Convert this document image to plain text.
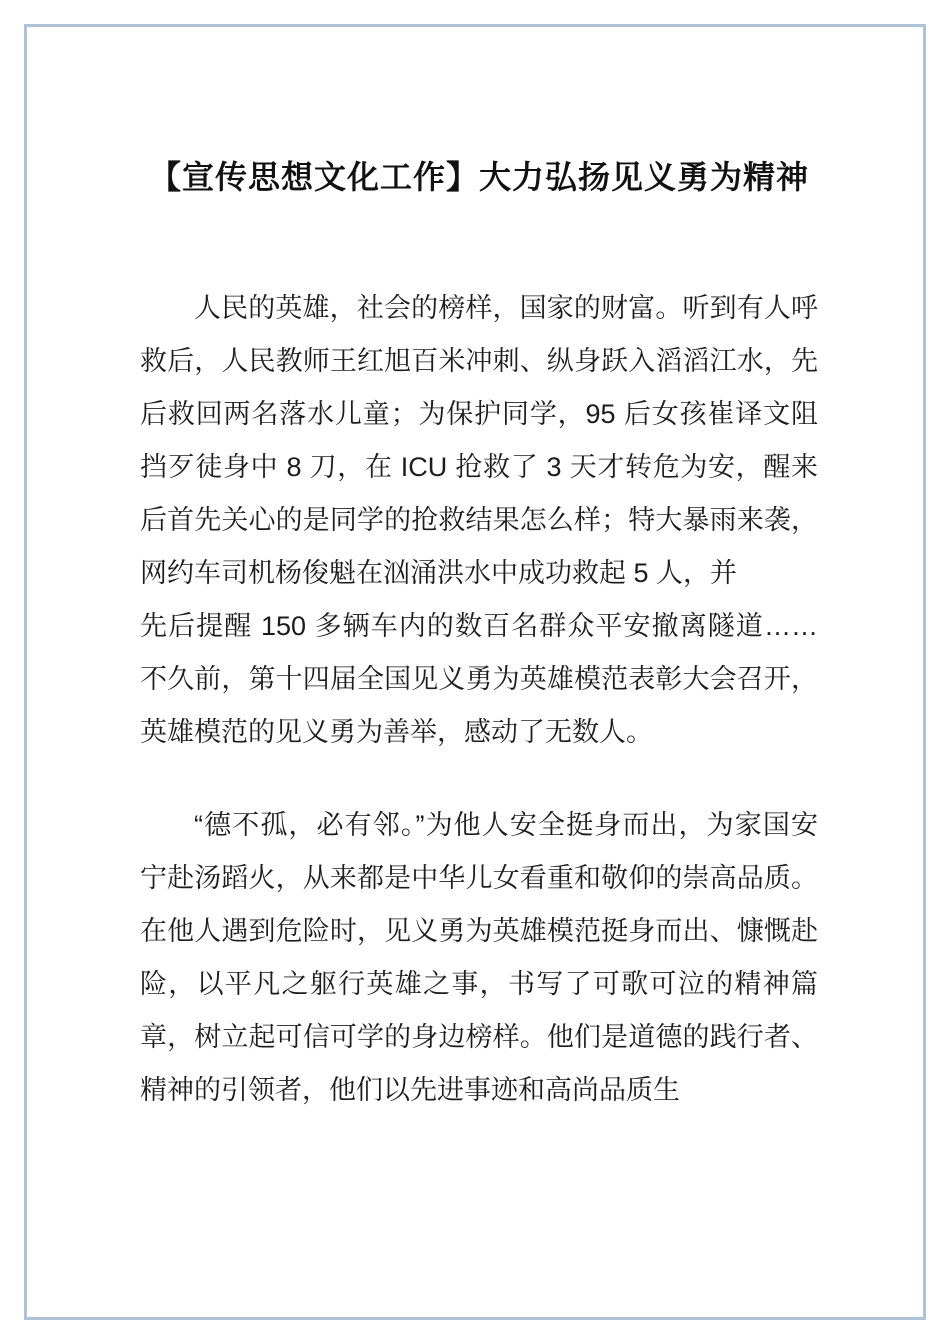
【宣传思想文化工作】大力弘扬见义勇为精神

人民的英雄，社会的榜样，国家的财富。听到有人呼救后，人民教师王红旭百米冲刺、纵身跃入滔滔江水，先后救回两名落水儿童；为保护同学，95 后女孩崔译文阻挡歹徒身中 8 刀，在 ICU 抢救了 3 天才转危为安，醒来后首先关心的是同学的抢救结果怎么样；特大暴雨来袭，网约车司机杨俊魁在汹涌洪水中成功救起 5 人，并

先后提醒 150 多辆车内的数百名群众平安撤离隧道……不久前，第十四届全国见义勇为英雄模范表彰大会召开，英雄模范的见义勇为善举，感动了无数人。

“德不孤，必有邻。”为他人安全挺身而出，为家国安宁赴汤蹈火，从来都是中华儿女看重和敬仰的崇高品质。在他人遇到危险时，见义勇为英雄模范挺身而出、慷慨赴险，以平凡之躯行英雄之事，书写了可歌可泣的精神篇章，树立起可信可学的身边榜样。他们是道德的践行者、精神的引领者，他们以先进事迹和高尚品质生
